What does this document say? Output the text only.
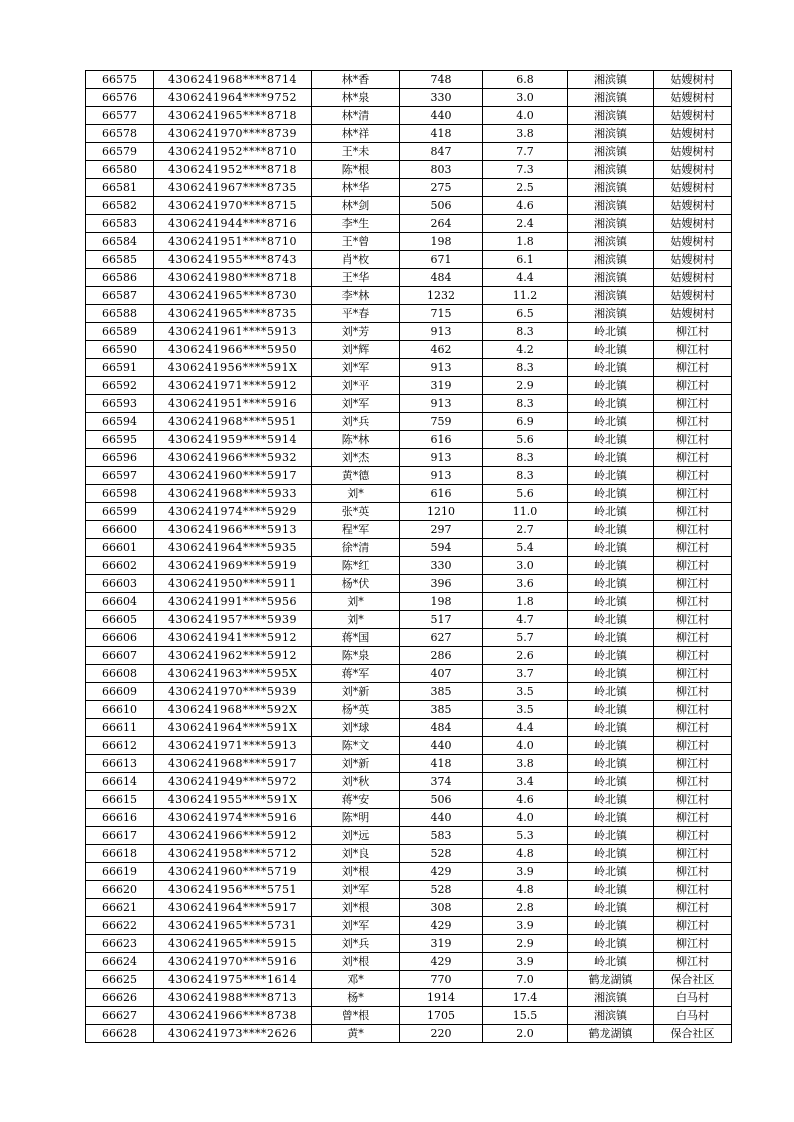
66575	4306241968****8714	林*香	748	6.8	湘滨镇	姑嫂树村
66576	4306241964****9752	林*泉	330	3.0	湘滨镇	姑嫂树村
66577	4306241965****8718	林*清	440	4.0	湘滨镇	姑嫂树村
66578	4306241970****8739	林*祥	418	3.8	湘滨镇	姑嫂树村
66579	4306241952****8710	王*未	847	7.7	湘滨镇	姑嫂树村
66580	4306241952****8718	陈*根	803	7.3	湘滨镇	姑嫂树村
66581	4306241967****8735	林*华	275	2.5	湘滨镇	姑嫂树村
66582	4306241970****8715	林*剑	506	4.6	湘滨镇	姑嫂树村
66583	4306241944****8716	李*生	264	2.4	湘滨镇	姑嫂树村
66584	4306241951****8710	王*曾	198	1.8	湘滨镇	姑嫂树村
66585	4306241955****8743	肖*枚	671	6.1	湘滨镇	姑嫂树村
66586	4306241980****8718	王*华	484	4.4	湘滨镇	姑嫂树村
66587	4306241965****8730	李*林	1232	11.2	湘滨镇	姑嫂树村
66588	4306241965****8735	平*春	715	6.5	湘滨镇	姑嫂树村
66589	4306241961****5913	刘*芳	913	8.3	岭北镇	柳江村
66590	4306241966****5950	刘*辉	462	4.2	岭北镇	柳江村
66591	4306241956****591X	刘*军	913	8.3	岭北镇	柳江村
66592	4306241971****5912	刘*平	319	2.9	岭北镇	柳江村
66593	4306241951****5916	刘*军	913	8.3	岭北镇	柳江村
66594	4306241968****5951	刘*兵	759	6.9	岭北镇	柳江村
66595	4306241959****5914	陈*林	616	5.6	岭北镇	柳江村
66596	4306241966****5932	刘*杰	913	8.3	岭北镇	柳江村
66597	4306241960****5917	黄*德	913	8.3	岭北镇	柳江村
66598	4306241968****5933	刘*	616	5.6	岭北镇	柳江村
66599	4306241974****5929	张*英	1210	11.0	岭北镇	柳江村
66600	4306241966****5913	程*军	297	2.7	岭北镇	柳江村
66601	4306241964****5935	徐*清	594	5.4	岭北镇	柳江村
66602	4306241969****5919	陈*红	330	3.0	岭北镇	柳江村
66603	4306241950****5911	杨*伏	396	3.6	岭北镇	柳江村
66604	4306241991****5956	刘*	198	1.8	岭北镇	柳江村
66605	4306241957****5939	刘*	517	4.7	岭北镇	柳江村
66606	4306241941****5912	蒋*国	627	5.7	岭北镇	柳江村
66607	4306241962****5912	陈*泉	286	2.6	岭北镇	柳江村
66608	4306241963****595X	蒋*军	407	3.7	岭北镇	柳江村
66609	4306241970****5939	刘*新	385	3.5	岭北镇	柳江村
66610	4306241968****592X	杨*英	385	3.5	岭北镇	柳江村
66611	4306241964****591X	刘*球	484	4.4	岭北镇	柳江村
66612	4306241971****5913	陈*文	440	4.0	岭北镇	柳江村
66613	4306241968****5917	刘*新	418	3.8	岭北镇	柳江村
66614	4306241949****5972	刘*秋	374	3.4	岭北镇	柳江村
66615	4306241955****591X	蒋*安	506	4.6	岭北镇	柳江村
66616	4306241974****5916	陈*明	440	4.0	岭北镇	柳江村
66617	4306241966****5912	刘*远	583	5.3	岭北镇	柳江村
66618	4306241958****5712	刘*良	528	4.8	岭北镇	柳江村
66619	4306241960****5719	刘*根	429	3.9	岭北镇	柳江村
66620	4306241956****5751	刘*军	528	4.8	岭北镇	柳江村
66621	4306241964****5917	刘*根	308	2.8	岭北镇	柳江村
66622	4306241965****5731	刘*军	429	3.9	岭北镇	柳江村
66623	4306241965****5915	刘*兵	319	2.9	岭北镇	柳江村
66624	4306241970****5916	刘*根	429	3.9	岭北镇	柳江村
66625	4306241975****1614	邓*	770	7.0	鹤龙湖镇	保合社区
66626	4306241988****8713	杨*	1914	17.4	湘滨镇	白马村
66627	4306241966****8738	曾*根	1705	15.5	湘滨镇	白马村
66628	4306241973****2626	黄*	220	2.0	鹤龙湖镇	保合社区
